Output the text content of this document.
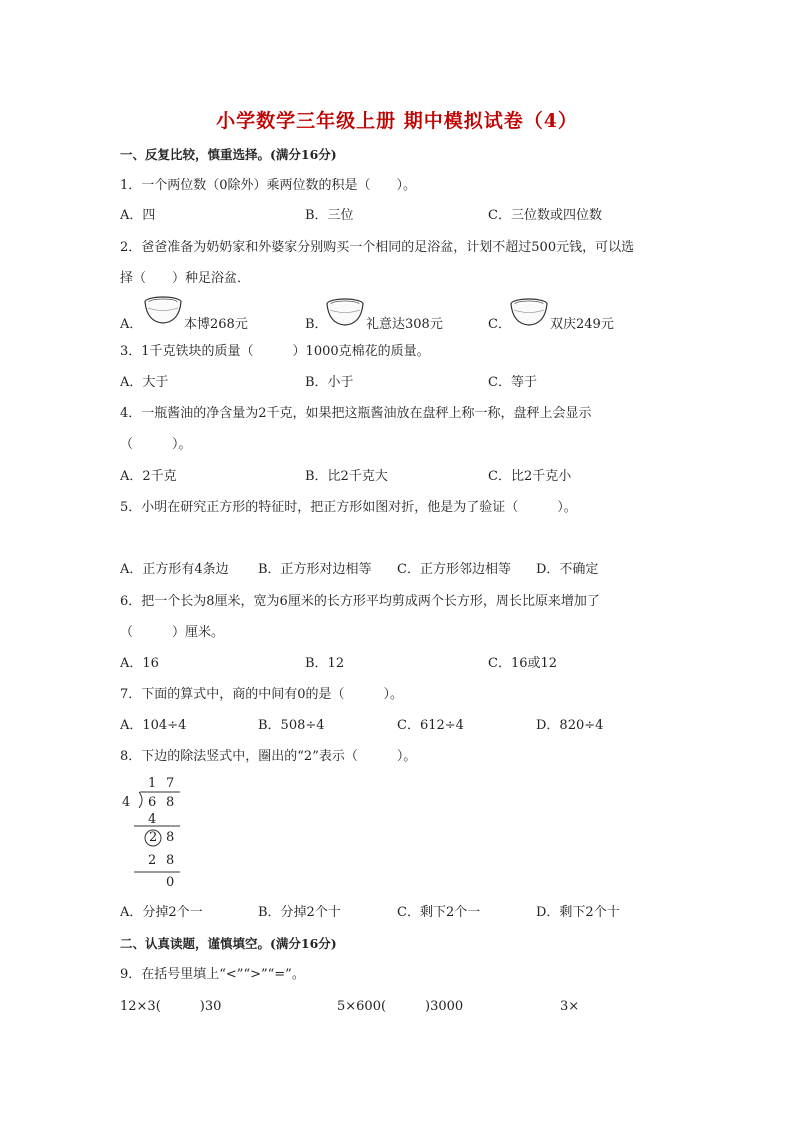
小学数学三年级上册 期中模拟试卷（4）
一、反复比较，慎重选择。(满分16分)
1．一个两位数（0除外）乘两位数的积是（　　）。
A．四	B．三位	C．三位数或四位数
2．爸爸准备为奶奶家和外婆家分别购买一个相同的足浴盆，计划不超过500元钱，可以选
择（　　）种足浴盆．
A．	本博268元	B．	礼意达308元	C．	双庆249元
3．1千克铁块的质量（　　　）1000克棉花的质量。
A．大于	B．小于	C．等于
4．一瓶酱油的净含量为2千克，如果把这瓶酱油放在盘秤上称一称，盘秤上会显示
（　　　）。
A．2千克	B．比2千克大	C．比2千克小
5．小明在研究正方形的特征时，把正方形如图对折，他是为了验证（　　　）。
A．正方形有4条边 B．正方形对边相等 C．正方形邻边相等 D．不确定
6．把一个长为8厘米，宽为6厘米的长方形平均剪成两个长方形，周长比原来增加了
（　　　）厘米。
A．16	B．12	C．16或12
7．下面的算式中，商的中间有0的是（　　　）。
A．104÷4	B．508÷4	C．612÷4	D．820÷4
8．下边的除法竖式中，圈出的“2”表示（　　　）。
1 7
4 6 8
4
2 8
2 8
0
A．分掉2个一	B．分掉2个十	C．剩下2个一	D．剩下2个十
二、认真读题，谨慎填空。(满分16分)
9．在括号里填上“<”“>”“=”。
12×3(　　　)30	5×600(　　　)3000	3×
